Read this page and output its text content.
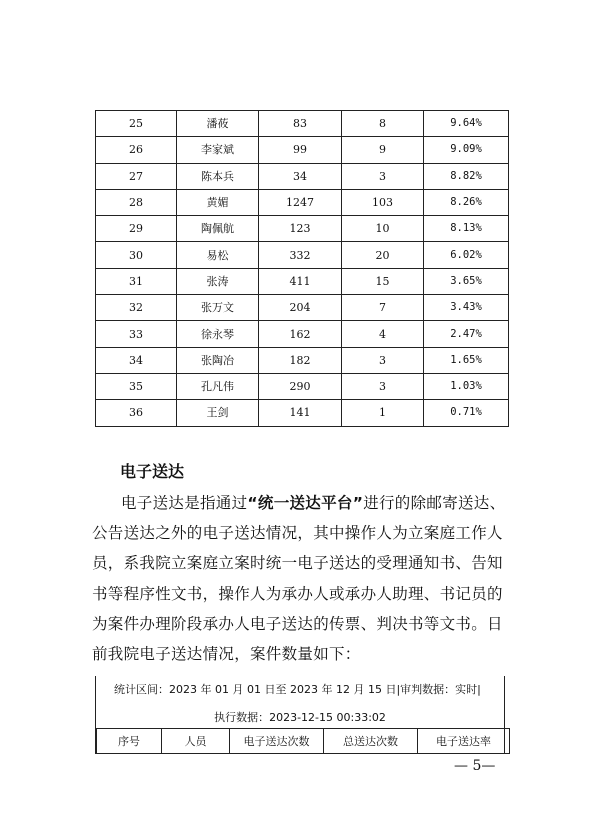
25	潘莜	83	8	9.64%
26	李家斌	99	9	9.09%
27	陈本兵	34	3	8.82%
28	黄媚	1247	103	8.26%
29	陶佩航	123	10	8.13%
30	易松	332	20	6.02%
31	张涛	411	15	3.65%
32	张万文	204	7	3.43%
33	徐永琴	162	4	2.47%
34	张陶冶	182	3	1.65%
35	孔凡伟	290	3	1.03%
36	王剑	141	1	0.71%
电子送达
电子送达是指通过“统一送达平台”进行的除邮寄送达、公告送达之外的电子送达情况，其中操作人为立案庭工作人员，系我院立案庭立案时统一电子送达的受理通知书、告知书等程序性文书，操作人为承办人或承办人助理、书记员的为案件办理阶段承办人电子送达的传票、判决书等文书。日前我院电子送达情况，案件数量如下：
统计区间：2023 年 01 月 01 日至 2023 年 12 月 15 日|审判数据：实时|
执行数据：2023-12-15 00:33:02
序号	人员	电子送达次数	总送达次数	电子送达率
— 5—
